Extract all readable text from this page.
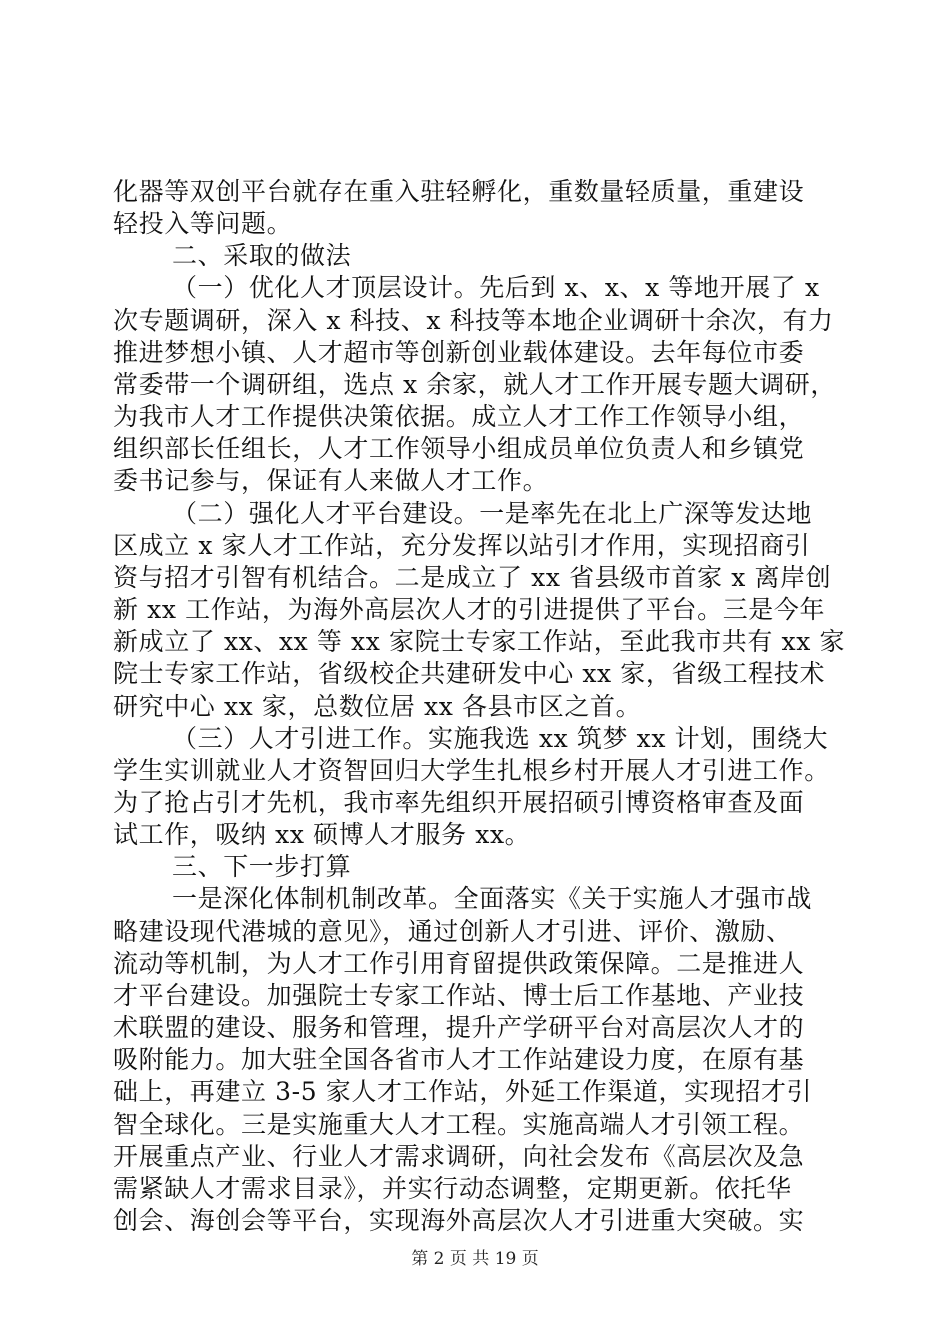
化器等双创平台就存在重入驻轻孵化，重数量轻质量，重建设
轻投入等问题。
二、采取的做法
（一）优化人才顶层设计。先后到 x、x、x 等地开展了 x
次专题调研，深入 x 科技、x 科技等本地企业调研十余次，有力
推进梦想小镇、人才超市等创新创业载体建设。去年每位市委
常委带一个调研组，选点 x 余家，就人才工作开展专题大调研，
为我市人才工作提供决策依据。成立人才工作工作领导小组，
组织部长任组长，人才工作领导小组成员单位负责人和乡镇党
委书记参与，保证有人来做人才工作。
（二）强化人才平台建设。一是率先在北上广深等发达地
区成立 x 家人才工作站，充分发挥以站引才作用，实现招商引
资与招才引智有机结合。二是成立了 xx 省县级市首家 x 离岸创
新 xx 工作站，为海外高层次人才的引进提供了平台。三是今年
新成立了 xx、xx 等 xx 家院士专家工作站，至此我市共有 xx 家
院士专家工作站，省级校企共建研发中心 xx 家，省级工程技术
研究中心 xx 家，总数位居 xx 各县市区之首。
（三）人才引进工作。实施我选 xx 筑梦 xx 计划，围绕大
学生实训就业人才资智回归大学生扎根乡村开展人才引进工作。
为了抢占引才先机，我市率先组织开展招硕引博资格审查及面
试工作，吸纳 xx 硕博人才服务 xx。
三、下一步打算
一是深化体制机制改革。全面落实《关于实施人才强市战
略建设现代港城的意见》，通过创新人才引进、评价、激励、
流动等机制，为人才工作引用育留提供政策保障。二是推进人
才平台建设。加强院士专家工作站、博士后工作基地、产业技
术联盟的建设、服务和管理，提升产学研平台对高层次人才的
吸附能力。加大驻全国各省市人才工作站建设力度，在原有基
础上，再建立 3-5 家人才工作站，外延工作渠道，实现招才引
智全球化。三是实施重大人才工程。实施高端人才引领工程。
开展重点产业、行业人才需求调研，向社会发布《高层次及急
需紧缺人才需求目录》，并实行动态调整，定期更新。依托华
创会、海创会等平台，实现海外高层次人才引进重大突破。实
第 2 页 共 19 页
